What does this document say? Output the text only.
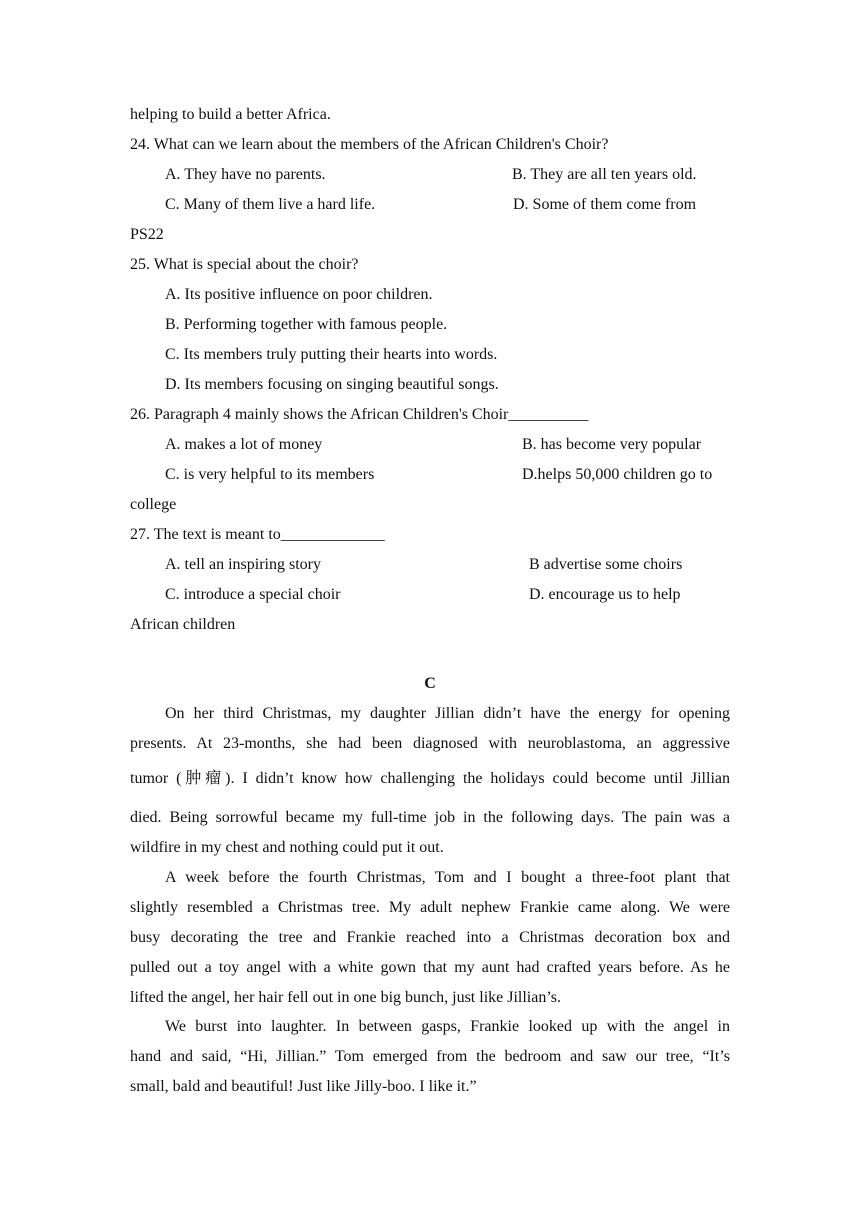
helping to build a better Africa.
24. What can we learn about the members of the African Children's Choir?
A. They have no parents.	B. They are all ten years old.
C. Many of them live a hard life.	D. Some of them come from
PS22
25. What is special about the choir?
A. Its positive influence on poor children.
B. Performing together with famous people.
C. Its members truly putting their hearts into words.
D. Its members focusing on singing beautiful songs.
26. Paragraph 4 mainly shows the African Children's Choir__________
A. makes a lot of money	B. has become very popular
C. is very helpful to its members	D.helps 50,000 children go to
college
27. The text is meant to_____________
A. tell an inspiring story	B advertise some choirs
C. introduce a special choir	D. encourage us to help
African children
C
On her third Christmas, my daughter Jillian didn’t have the energy for opening
presents. At 23-months, she had been diagnosed with neuroblastoma, an aggressive
tumor (肿瘤). I didn’t know how challenging the holidays could become until Jillian
died. Being sorrowful became my full-time job in the following days. The pain was a
wildfire in my chest and nothing could put it out.
A week before the fourth Christmas, Tom and I bought a three-foot plant that
slightly resembled a Christmas tree. My adult nephew Frankie came along. We were
busy decorating the tree and Frankie reached into a Christmas decoration box and
pulled out a toy angel with a white gown that my aunt had crafted years before. As he
lifted the angel, her hair fell out in one big bunch, just like Jillian’s.
We burst into laughter. In between gasps, Frankie looked up with the angel in
hand and said, “Hi, Jillian.” Tom emerged from the bedroom and saw our tree, “It’s
small, bald and beautiful! Just like Jilly-boo. I like it.”
